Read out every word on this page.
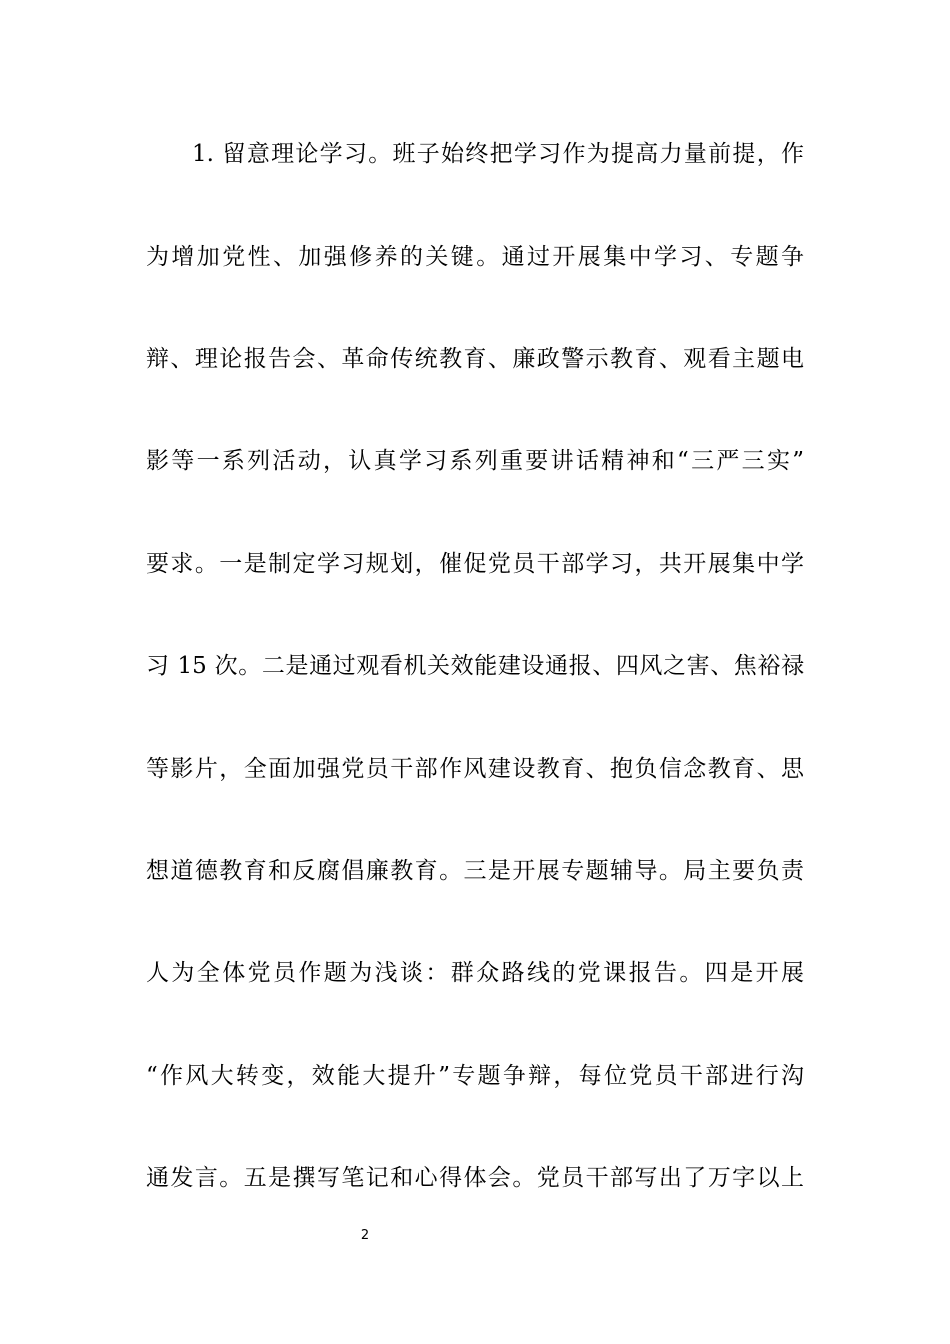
1. 留意理论学习。班子始终把学习作为提高力量前提，作
为增加党性、加强修养的关键。通过开展集中学习、专题争
辩、理论报告会、革命传统教育、廉政警示教育、观看主题电
影等一系列活动，认真学习系列重要讲话精神和“三严三实”
要求。一是制定学习规划，催促党员干部学习，共开展集中学
习 15 次。二是通过观看机关效能建设通报、四风之害、焦裕禄
等影片，全面加强党员干部作风建设教育、抱负信念教育、思
想道德教育和反腐倡廉教育。三是开展专题辅导。局主要负责
人为全体党员作题为浅谈：群众路线的党课报告。四是开展
“作风大转变，效能大提升”专题争辩，每位党员干部进行沟
通发言。五是撰写笔记和心得体会。党员干部写出了万字以上
2
